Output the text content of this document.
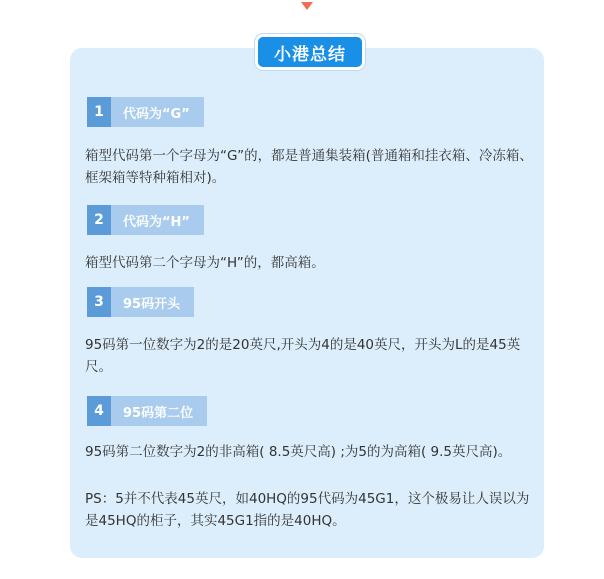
小港总结
1	代码为“G”

箱型代码第一个字母为“G”的，都是普通集装箱(普通箱和挂衣箱、冷冻箱、框架箱等特种箱相对)。

2	代码为“H”

箱型代码第二个字母为“H”的，都高箱。

3	95码开头

95码第一位数字为2的是20英尺,开头为4的是40英尺，开头为L的是45英尺。

4	95码第二位

95码第二位数字为2的非高箱( 8.5英尺高) ;为5的为高箱( 9.5英尺高)。

PS：5并不代表45英尺，如40HQ的95代码为45G1，这个极易让人误以为是45HQ的柜子，其实45G1指的是40HQ。
